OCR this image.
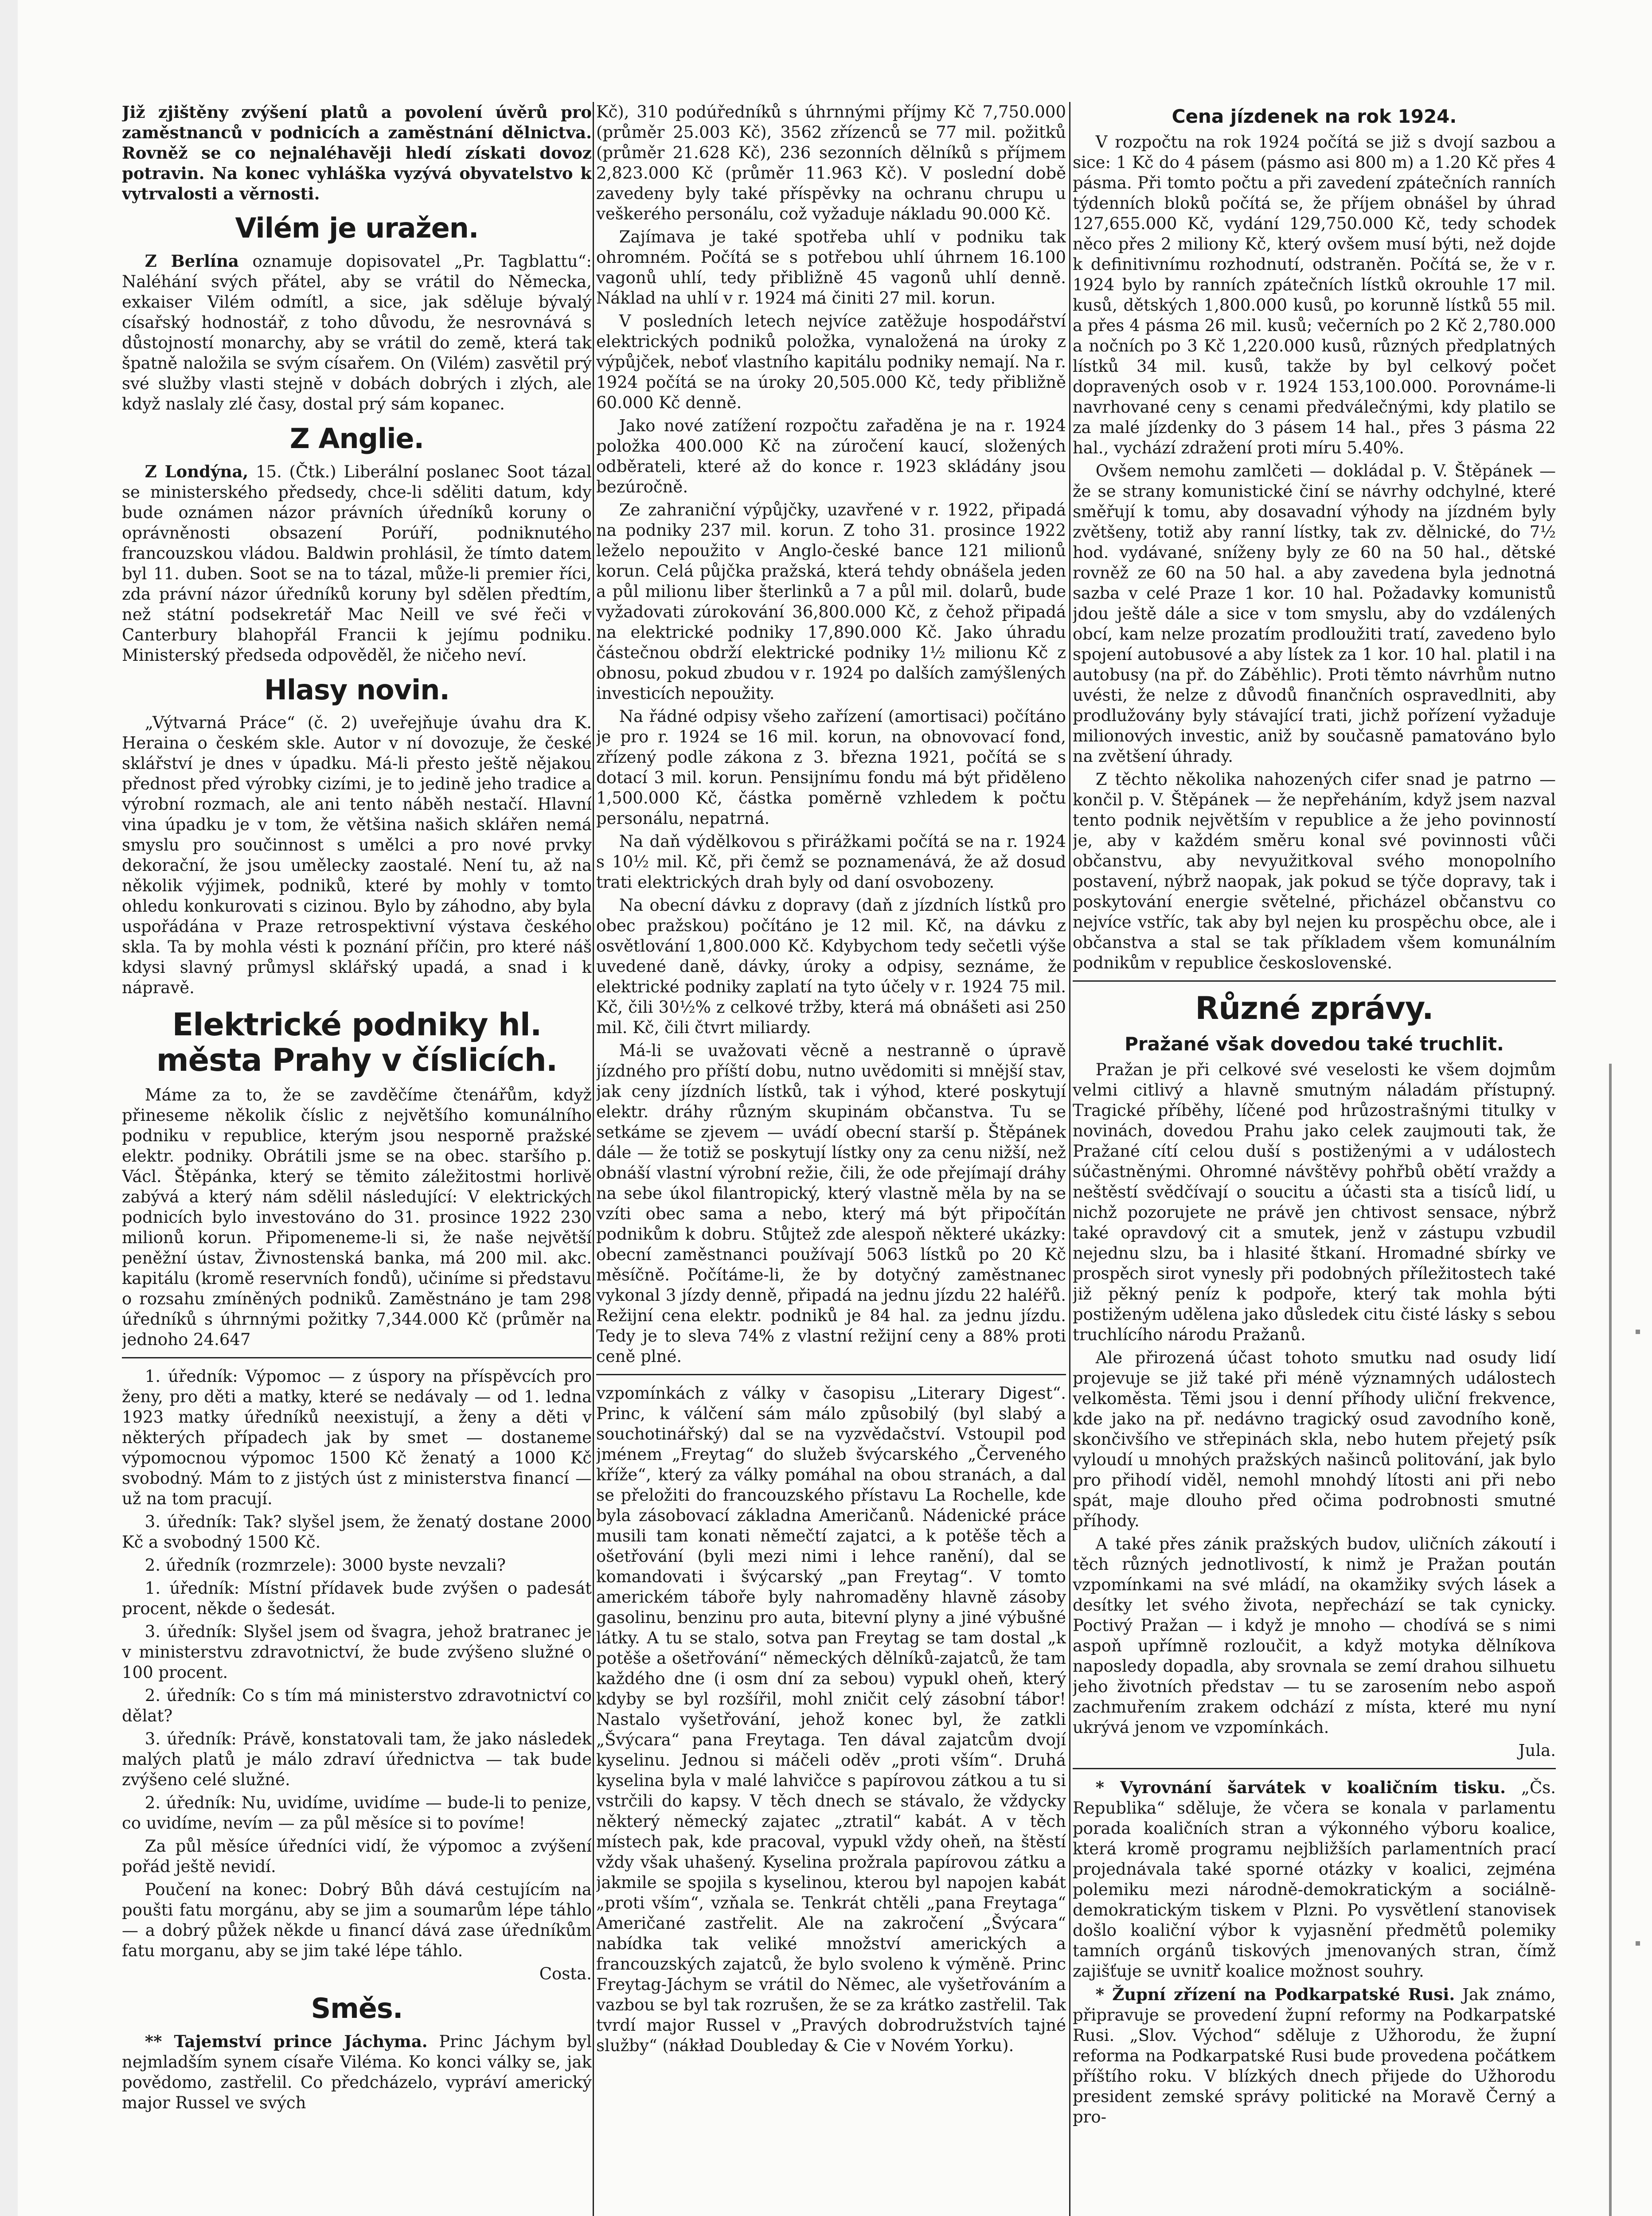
Již zjištěny zvýšení platů a povolení úvěrů pro zaměstnanců v podnicích a zaměstnání dělnictva. Rovněž se co nejnaléhavěji hledí získati dovoz potravin. Na konec vyhláška vyzývá obyvatelstvo k vytrvalosti a věrnosti.

Vilém je uražen.

Z Berlína oznamuje dopisovatel „Pr. Tagblattu“: Naléhání svých přátel, aby se vrátil do Německa, exkaiser Vilém odmítl, a sice, jak sděluje bývalý císařský hodnostář, z toho důvodu, že nesrovnává s důstojností monarchy, aby se vrátil do země, která tak špatně naložila se svým císařem. On (Vilém) zasvětil prý své služby vlasti stejně v dobách dobrých i zlých, ale když naslaly zlé časy, dostal prý sám kopanec.

Z Anglie.

Z Londýna, 15. (Čtk.) Liberální poslanec Soot tázal se ministerského předsedy, chce-li sděliti datum, kdy bude oznámen názor právních úředníků koruny o oprávněnosti obsazení Porúří, podniknutého francouzskou vládou. Baldwin prohlásil, že tímto datem byl 11. duben. Soot se na to tázal, může-li premier říci, zda právní názor úředníků koruny byl sdělen předtím, než státní podsekretář Mac Neill ve své řeči v Canterbury blahopřál Francii k jejímu podniku. Ministerský předseda odpověděl, že ničeho neví.

Hlasy novin.

„Výtvarná Práce“ (č. 2) uveřejňuje úvahu dra K. Heraina o českém skle. Autor v ní dovozuje, že české sklářství je dnes v úpadku. Má-li přesto ještě nějakou přednost před výrobky cizími, je to jedině jeho tradice a výrobní rozmach, ale ani tento náběh nestačí. Hlavní vina úpadku je v tom, že většina našich sklářen nemá smyslu pro součinnost s umělci a pro nové prvky dekorační, že jsou umělecky zaostalé. Není tu, až na několik výjimek, podniků, které by mohly v tomto ohledu konkurovati s cizinou. Bylo by záhodno, aby byla uspořádána v Praze retrospektivní výstava českého skla. Ta by mohla vésti k poznání příčin, pro které náš kdysi slavný průmysl sklářský upadá, a snad i k nápravě.

Elektrické podniky hl. města Prahy v číslicích.

Máme za to, že se zavděčíme čtenářům, když přineseme několik číslic z největšího komunálního podniku v republice, kterým jsou nesporně pražské elektr. podniky. Obrátili jsme se na obec. staršího p. Václ. Štěpánka, který se těmito záležitostmi horlivě zabývá a který nám sdělil následující: V elektrických podnicích bylo investováno do 31. prosince 1922 230 milionů korun. Připomeneme-li si, že naše největší peněžní ústav, Živnostenská banka, má 200 mil. akc. kapitálu (kromě reservních fondů), učiníme si představu o rozsahu zmíněných podniků. Zaměstnáno je tam 298 úředníků s úhrnnými požitky 7,344.000 Kč (průměr na jednoho 24.647

1. úředník: Výpomoc — z úspory na příspěvcích pro ženy, pro děti a matky, které se nedávaly — od 1. ledna 1923 matky úředníků neexistují, a ženy a děti v některých případech jak by smet — dostaneme výpomocnou výpomoc 1500 Kč ženatý a 1000 Kč svobodný. Mám to z jistých úst z ministerstva financí — už na tom pracují.

3. úředník: Tak? slyšel jsem, že ženatý dostane 2000 Kč a svobodný 1500 Kč.

2. úředník (rozmrzele): 3000 byste nevzali?

1. úředník: Místní přídavek bude zvýšen o padesát procent, někde o šedesát.

3. úředník: Slyšel jsem od švagra, jehož bratranec je v ministerstvu zdravotnictví, že bude zvýšeno služné o 100 procent.

2. úředník: Co s tím má ministerstvo zdravotnictví co dělat?

3. úředník: Právě, konstatovali tam, že jako následek malých platů je málo zdraví úřednictva — tak bude zvýšeno celé služné.

2. úředník: Nu, uvidíme, uvidíme — bude-li to penize, co uvidíme, nevím — za půl měsíce si to povíme!

Za půl měsíce úředníci vidí, že výpomoc a zvýšení pořád ještě nevidí.

Poučení na konec: Dobrý Bůh dává cestujícím na poušti fatu morgánu, aby se jim a soumarům lépe táhlo — a dobrý půžek někde u financí dává zase úředníkům fatu morganu, aby se jim také lépe táhlo.

Costa.

Směs.

** Tajemství prince Jáchyma. Princ Jáchym byl nejmladším synem císaře Viléma. Ko konci války se, jak povědomo, zastřelil. Co předcházelo, vypráví americký major Russel ve svých

Kč), 310 podúředníků s úhrnnými příjmy Kč 7,750.000 (průměr 25.003 Kč), 3562 zřízenců se 77 mil. požitků (průměr 21.628 Kč), 236 sezonních dělníků s příjmem 2,823.000 Kč (průměr 11.963 Kč). V poslední době zavedeny byly také příspěvky na ochranu chrupu u veškerého personálu, což vyžaduje nákladu 90.000 Kč.

Zajímava je také spotřeba uhlí v podniku tak ohromném. Počítá se s potřebou uhlí úhrnem 16.100 vagonů uhlí, tedy přibližně 45 vagonů uhlí denně. Náklad na uhlí v r. 1924 má činiti 27 mil. korun.

V posledních letech nejvíce zatěžuje hospodářství elektrických podniků položka, vynaložená na úroky z výpůjček, neboť vlastního kapitálu podniky nemají. Na r. 1924 počítá se na úroky 20,505.000 Kč, tedy přibližně 60.000 Kč denně.

Jako nové zatížení rozpočtu zařaděna je na r. 1924 položka 400.000 Kč na zúročení kaucí, složených odběrateli, které až do konce r. 1923 skládány jsou bezúročně.

Ze zahraniční výpůjčky, uzavřené v r. 1922, připadá na podniky 237 mil. korun. Z toho 31. prosince 1922 leželo nepoužito v Anglo-české bance 121 milionů korun. Celá půjčka pražská, která tehdy obnášela jeden a půl milionu liber šterlinků a 7 a půl mil. dolarů, bude vyžadovati zúrokování 36,800.000 Kč, z čehož připadá na elektrické podniky 17,890.000 Kč. Jako úhradu částečnou obdrží elektrické podniky 1½ milionu Kč z obnosu, pokud zbudou v r. 1924 po dalších zamýšlených investicích nepoužity.

Na řádné odpisy všeho zařízení (amortisaci) počítáno je pro r. 1924 se 16 mil. korun, na obnovovací fond, zřízený podle zákona z 3. března 1921, počítá se s dotací 3 mil. korun. Pensijnímu fondu má být přiděleno 1,500.000 Kč, částka poměrně vzhledem k počtu personálu, nepatrná.

Na daň výdělkovou s přirážkami počítá se na r. 1924 s 10½ mil. Kč, při čemž se poznamenává, že až dosud trati elektrických drah byly od daní osvobozeny.

Na obecní dávku z dopravy (daň z jízdních lístků pro obec pražskou) počítáno je 12 mil. Kč, na dávku z osvětlování 1,800.000 Kč. Kdybychom tedy sečetli výše uvedené daně, dávky, úroky a odpisy, seznáme, že elektrické podniky zaplatí na tyto účely v r. 1924 75 mil. Kč, čili 30½% z celkové tržby, která má obnášeti asi 250 mil. Kč, čili čtvrt miliardy.

Má-li se uvažovati věcně a nestranně o úpravě jízdného pro příští dobu, nutno uvědomiti si mnější stav, jak ceny jízdních lístků, tak i výhod, které poskytují elektr. dráhy různým skupinám občanstva. Tu se setkáme se zjevem — uvádí obecní starší p. Štěpánek dále — že totiž se poskytují lístky ony za cenu nižší, než obnáší vlastní výrobní režie, čili, že ode přejímají dráhy na sebe úkol filantropický, který vlastně měla by na se vzíti obec sama a nebo, který má být připočítán podnikům k dobru. Stůjtež zde alespoň některé ukázky: obecní zaměstnanci používají 5063 lístků po 20 Kč měsíčně. Počítáme-li, že by dotyčný zaměstnanec vykonal 3 jízdy denně, připadá na jednu jízdu 22 haléřů. Režijní cena elektr. podniků je 84 hal. za jednu jízdu. Tedy je to sleva 74% z vlastní režijní ceny a 88% proti ceně plné.

vzpomínkách z války v časopisu „Literary Digest“. Princ, k válčení sám málo způsobilý (byl slabý a souchotinářský) dal se na vyzvědačství. Vstoupil pod jménem „Freytag“ do služeb švýcarského „Červeného kříže“, který za války pomáhal na obou stranách, a dal se přeložiti do francouzského přístavu La Rochelle, kde byla zásobovací základna Američanů. Nádenické práce musili tam konati němečtí zajatci, a k potěše těch a ošetřování (byli mezi nimi i lehce ranění), dal se komandovati i švýcarský „pan Freytag“. V tomto americkém táboře byly nahromaděny hlavně zásoby gasolinu, benzinu pro auta, bitevní plyny a jiné výbušné látky. A tu se stalo, sotva pan Freytag se tam dostal „k potěše a ošetřování“ německých dělníků-zajatců, že tam každého dne (i osm dní za sebou) vypukl oheň, který kdyby se byl rozšířil, mohl zničit celý zásobní tábor! Nastalo vyšetřování, jehož konec byl, že zatkli „Švýcara“ pana Freytaga. Ten dával zajatcům dvojí kyselinu. Jednou si máčeli oděv „proti vším“. Druhá kyselina byla v malé lahvičce s papírovou zátkou a tu si vstrčili do kapsy. V těch dnech se stávalo, že vždycky některý německý zajatec „ztratil“ kabát. A v těch místech pak, kde pracoval, vypukl vždy oheň, na štěstí vždy však uhašený. Kyselina prožrala papírovou zátku a jakmile se spojila s kyselinou, kterou byl napojen kabát „proti vším“, vzňala se. Tenkrát chtěli „pana Freytaga“ Američané zastřelit. Ale na zakročení „Švýcara“ nabídka tak veliké množství amerických a francouzských zajatců, že bylo svoleno k výměně. Princ Freytag-Jáchym se vrátil do Němec, ale vyšetřováním a vazbou se byl tak rozrušen, že se za krátko zastřelil. Tak tvrdí major Russel v „Pravých dobrodružstvích tajné služby“ (nákład Doubleday & Cie v Novém Yorku).

Cena jízdenek na rok 1924.

V rozpočtu na rok 1924 počítá se již s dvojí sazbou a sice: 1 Kč do 4 pásem (pásmo asi 800 m) a 1.20 Kč přes 4 pásma. Při tomto počtu a při zavedení zpátečních ranních týdenních bloků počítá se, že příjem obnášel by úhrad 127,655.000 Kč, vydání 129,750.000 Kč, tedy schodek něco přes 2 miliony Kč, který ovšem musí býti, než dojde k definitivnímu rozhodnutí, odstraněn. Počítá se, že v r. 1924 bylo by ranních zpátečních lístků okrouhle 17 mil. kusů, dětských 1,800.000 kusů, po korunně lístků 55 mil. a přes 4 pásma 26 mil. kusů; večerních po 2 Kč 2,780.000 a nočních po 3 Kč 1,220.000 kusů, různých předplatných lístků 34 mil. kusů, takže by byl celkový počet dopravených osob v r. 1924 153,100.000. Porovnáme-li navrhované ceny s cenami předválečnými, kdy platilo se za malé jízdenky do 3 pásem 14 hal., přes 3 pásma 22 hal., vychází zdražení proti míru 5.40%.

Ovšem nemohu zamlčeti — dokládal p. V. Štěpánek — že se strany komunistické činí se návrhy odchylné, které směřují k tomu, aby dosavadní výhody na jízdném byly zvětšeny, totiž aby ranní lístky, tak zv. dělnické, do 7½ hod. vydávané, sníženy byly ze 60 na 50 hal., dětské rovněž ze 60 na 50 hal. a aby zavedena byla jednotná sazba v celé Praze 1 kor. 10 hal. Požadavky komunistů jdou ještě dále a sice v tom smyslu, aby do vzdálených obcí, kam nelze prozatím prodloužiti tratí, zavedeno bylo spojení autobusové a aby lístek za 1 kor. 10 hal. platil i na autobusy (na př. do Záběhlic). Proti těmto návrhům nutno uvésti, že nelze z důvodů finančních ospravedlniti, aby prodlužovány byly stávající trati, jichž pořízení vyžaduje milionových investic, aniž by současně pamatováno bylo na zvětšení úhrady.

Z těchto několika nahozených cifer snad je patrno — končil p. V. Štěpánek — že nepřeháním, když jsem nazval tento podnik největším v republice a že jeho povinností je, aby v každém směru konal své povinnosti vůči občanstvu, aby nevyužitkoval svého monopolního postavení, nýbrž naopak, jak pokud se týče dopravy, tak i poskytování energie světelné, přicházel občanstvu co nejvíce vstříc, tak aby byl nejen ku prospěchu obce, ale i občanstva a stal se tak příkladem všem komunálním podnikům v republice československé.

Různé zprávy.
Pražané však dovedou také truchlit.

Pražan je při celkové své veselosti ke všem dojmům velmi citlivý a hlavně smutným náladám přístupný. Tragické příběhy, líčené pod hrůzostrašnými titulky v novinách, dovedou Prahu jako celek zaujmouti tak, že Pražané cítí celou duší s postiženými a v událostech súčastněnými. Ohromné návštěvy pohřbů obětí vraždy a neštěstí svědčívají o soucitu a účasti sta a tisíců lidí, u nichž pozorujete ne právě jen chtivost sensace, nýbrž také opravdový cit a smutek, jenž v zástupu vzbudil nejednu slzu, ba i hlasité štkaní. Hromadné sbírky ve prospěch sirot vynesly při podobných příležitostech také již pěkný peníz k podpoře, který tak mohla býti postiženým udělena jako důsledek citu čisté lásky s sebou truchlícího národu Pražanů.

Ale přirozená účast tohoto smutku nad osudy lidí projevuje se již také při méně významných událostech velkoměsta. Těmi jsou i denní příhody uliční frekvence, kde jako na př. nedávno tragický osud zavodního koně, skončivšího ve střepinách skla, nebo hutem přejetý psík vyloudí u mnohých pražských našinců politování, jak bylo pro přihodí viděl, nemohl mnohdý lítosti ani při nebo spát, maje dlouho před očima podrobnosti smutné příhody.

A také přes zánik pražských budov, uličních zákoutí i těch různých jednotlivostí, k nimž je Pražan poután vzpomínkami na své mládí, na okamžiky svých lásek a desítky let svého života, nepřechází se tak cynicky. Poctivý Pražan — i když je mnoho — chodívá se s nimi aspoň upřímně rozloučit, a když motyka dělníkova naposledy dopadla, aby srovnala se zemí drahou silhuetu jeho životních představ — tu se zarosením nebo aspoň zachmuřením zrakem odchází z místa, které mu nyní ukrývá jenom ve vzpomínkách.

Jula.

* Vyrovnání šarvátek v koaličním tisku. „Čs. Republika“ sděluje, že včera se konala v parlamentu porada koaličních stran a výkonného výboru koalice, která kromě programu nejbližších parlamentních prací projednávala také sporné otázky v koalici, zejména polemiku mezi národně-demokratickým a sociálně-demokratickým tiskem v Plzni. Po vysvětlení stanovisek došlo koaliční výbor k vyjasnění předmětů polemiky tamních orgánů tiskových jmenovaných stran, čímž zajišťuje se uvnitř koalice možnost souhry.

* Župní zřízení na Podkarpatské Rusi. Jak známo, připravuje se provedení župní reformy na Podkarpatské Rusi. „Slov. Východ“ sděluje z Užhorodu, že župní reforma na Podkarpatské Rusi bude provedena počátkem příštího roku. V blízkých dnech přijede do Užhorodu president zemské správy politické na Moravě Černý a pro-
